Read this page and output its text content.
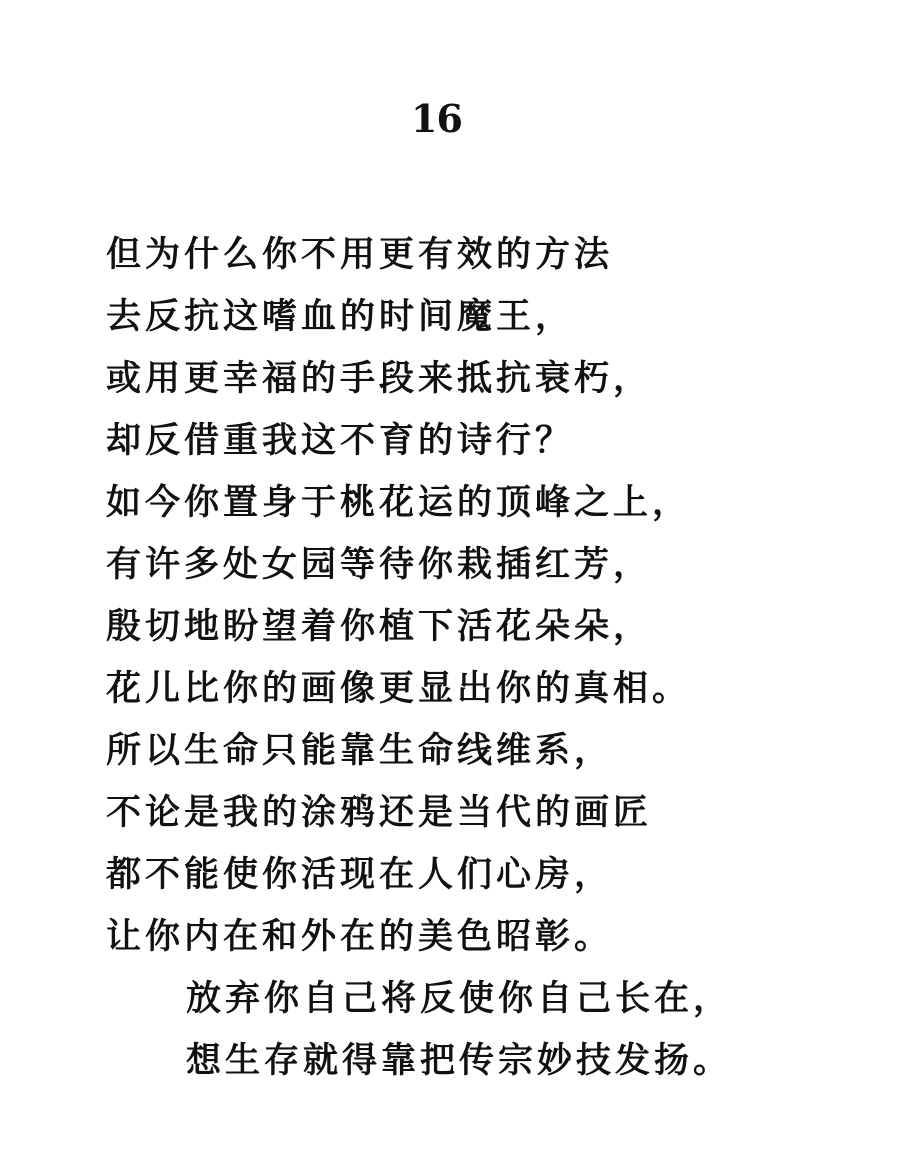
16
但为什么你不用更有效的方法
去反抗这嗜血的时间魔王，
或用更幸福的手段来抵抗衰朽，
却反借重我这不育的诗行？
如今你置身于桃花运的顶峰之上，
有许多处女园等待你栽插红芳，
殷切地盼望着你植下活花朵朵，
花儿比你的画像更显出你的真相。
所以生命只能靠生命线维系，
不论是我的涂鸦还是当代的画匠
都不能使你活现在人们心房，
让你内在和外在的美色昭彰。
放弃你自己将反使你自己长在，
想生存就得靠把传宗妙技发扬。
